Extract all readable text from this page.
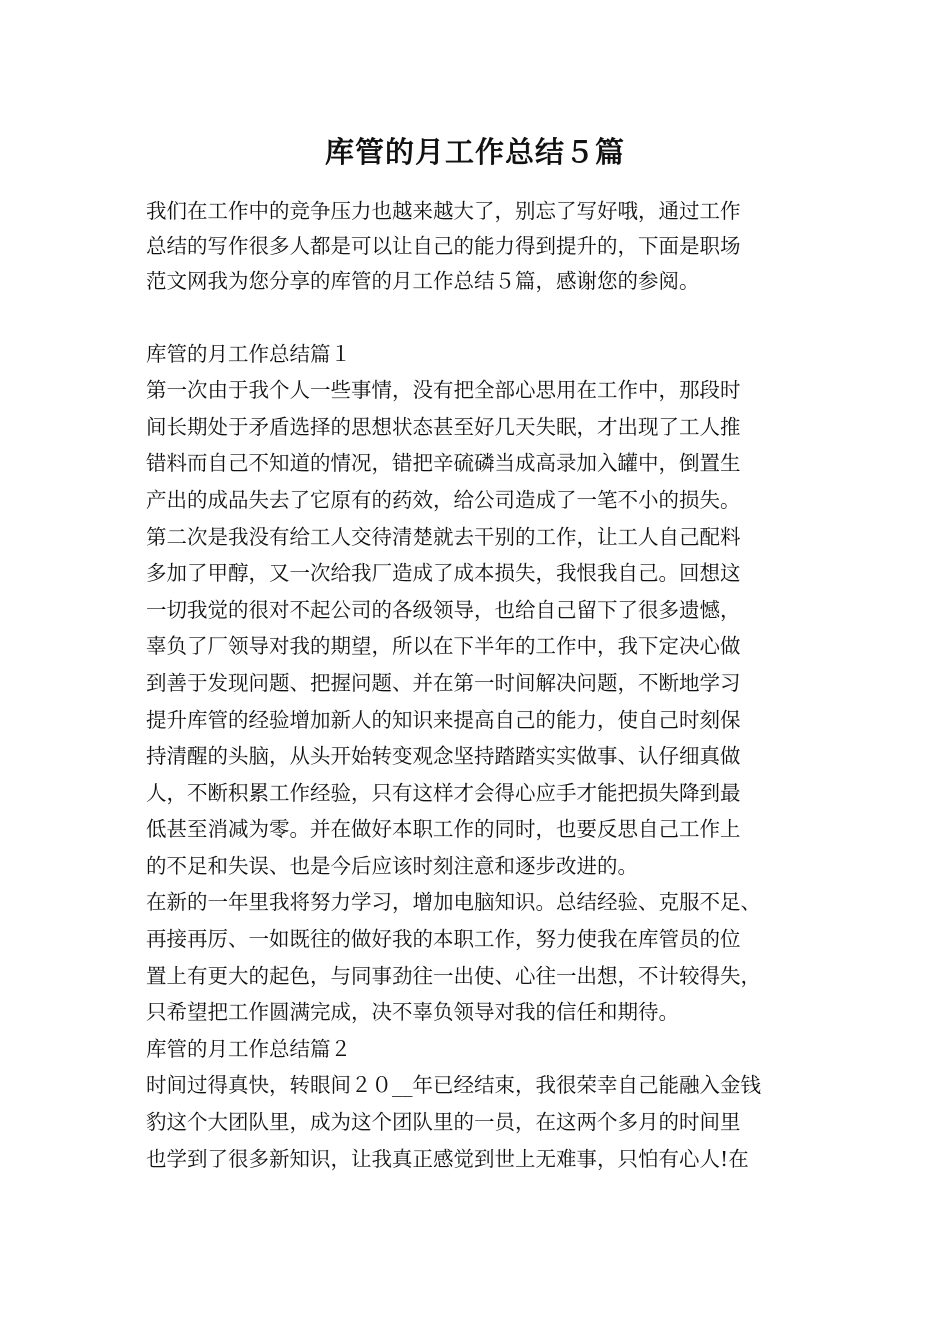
库管的月工作总结５篇
我们在工作中的竞争压力也越来越大了，别忘了写好哦，通过工作
总结的写作很多人都是可以让自己的能力得到提升的，下面是职场
范文网我为您分享的库管的月工作总结５篇，感谢您的参阅。
库管的月工作总结篇１
第一次由于我个人一些事情，没有把全部心思用在工作中，那段时
间长期处于矛盾选择的思想状态甚至好几天失眠，才出现了工人推
错料而自己不知道的情况，错把辛硫磷当成高录加入罐中，倒置生
产出的成品失去了它原有的药效，给公司造成了一笔不小的损失。
第二次是我没有给工人交待清楚就去干别的工作，让工人自己配料
多加了甲醇，又一次给我厂造成了成本损失，我恨我自己。回想这
一切我觉的很对不起公司的各级领导，也给自己留下了很多遗憾，
辜负了厂领导对我的期望，所以在下半年的工作中，我下定决心做
到善于发现问题、把握问题、并在第一时间解决问题，不断地学习
提升库管的经验增加新人的知识来提高自己的能力，使自己时刻保
持清醒的头脑，从头开始转变观念坚持踏踏实实做事、认仔细真做
人，不断积累工作经验，只有这样才会得心应手才能把损失降到最
低甚至消减为零。并在做好本职工作的同时，也要反思自己工作上
的不足和失误、也是今后应该时刻注意和逐步改进的。
在新的一年里我将努力学习，增加电脑知识。总结经验、克服不足、
再接再厉、一如既往的做好我的本职工作，努力使我在库管员的位
置上有更大的起色，与同事劲往一出使、心往一出想，不计较得失，
只希望把工作圆满完成，决不辜负领导对我的信任和期待。
库管的月工作总结篇２
时间过得真快，转眼间２０__年已经结束，我很荣幸自己能融入金钱
豹这个大团队里，成为这个团队里的一员，在这两个多月的时间里
也学到了很多新知识，让我真正感觉到世上无难事，只怕有心人!在
